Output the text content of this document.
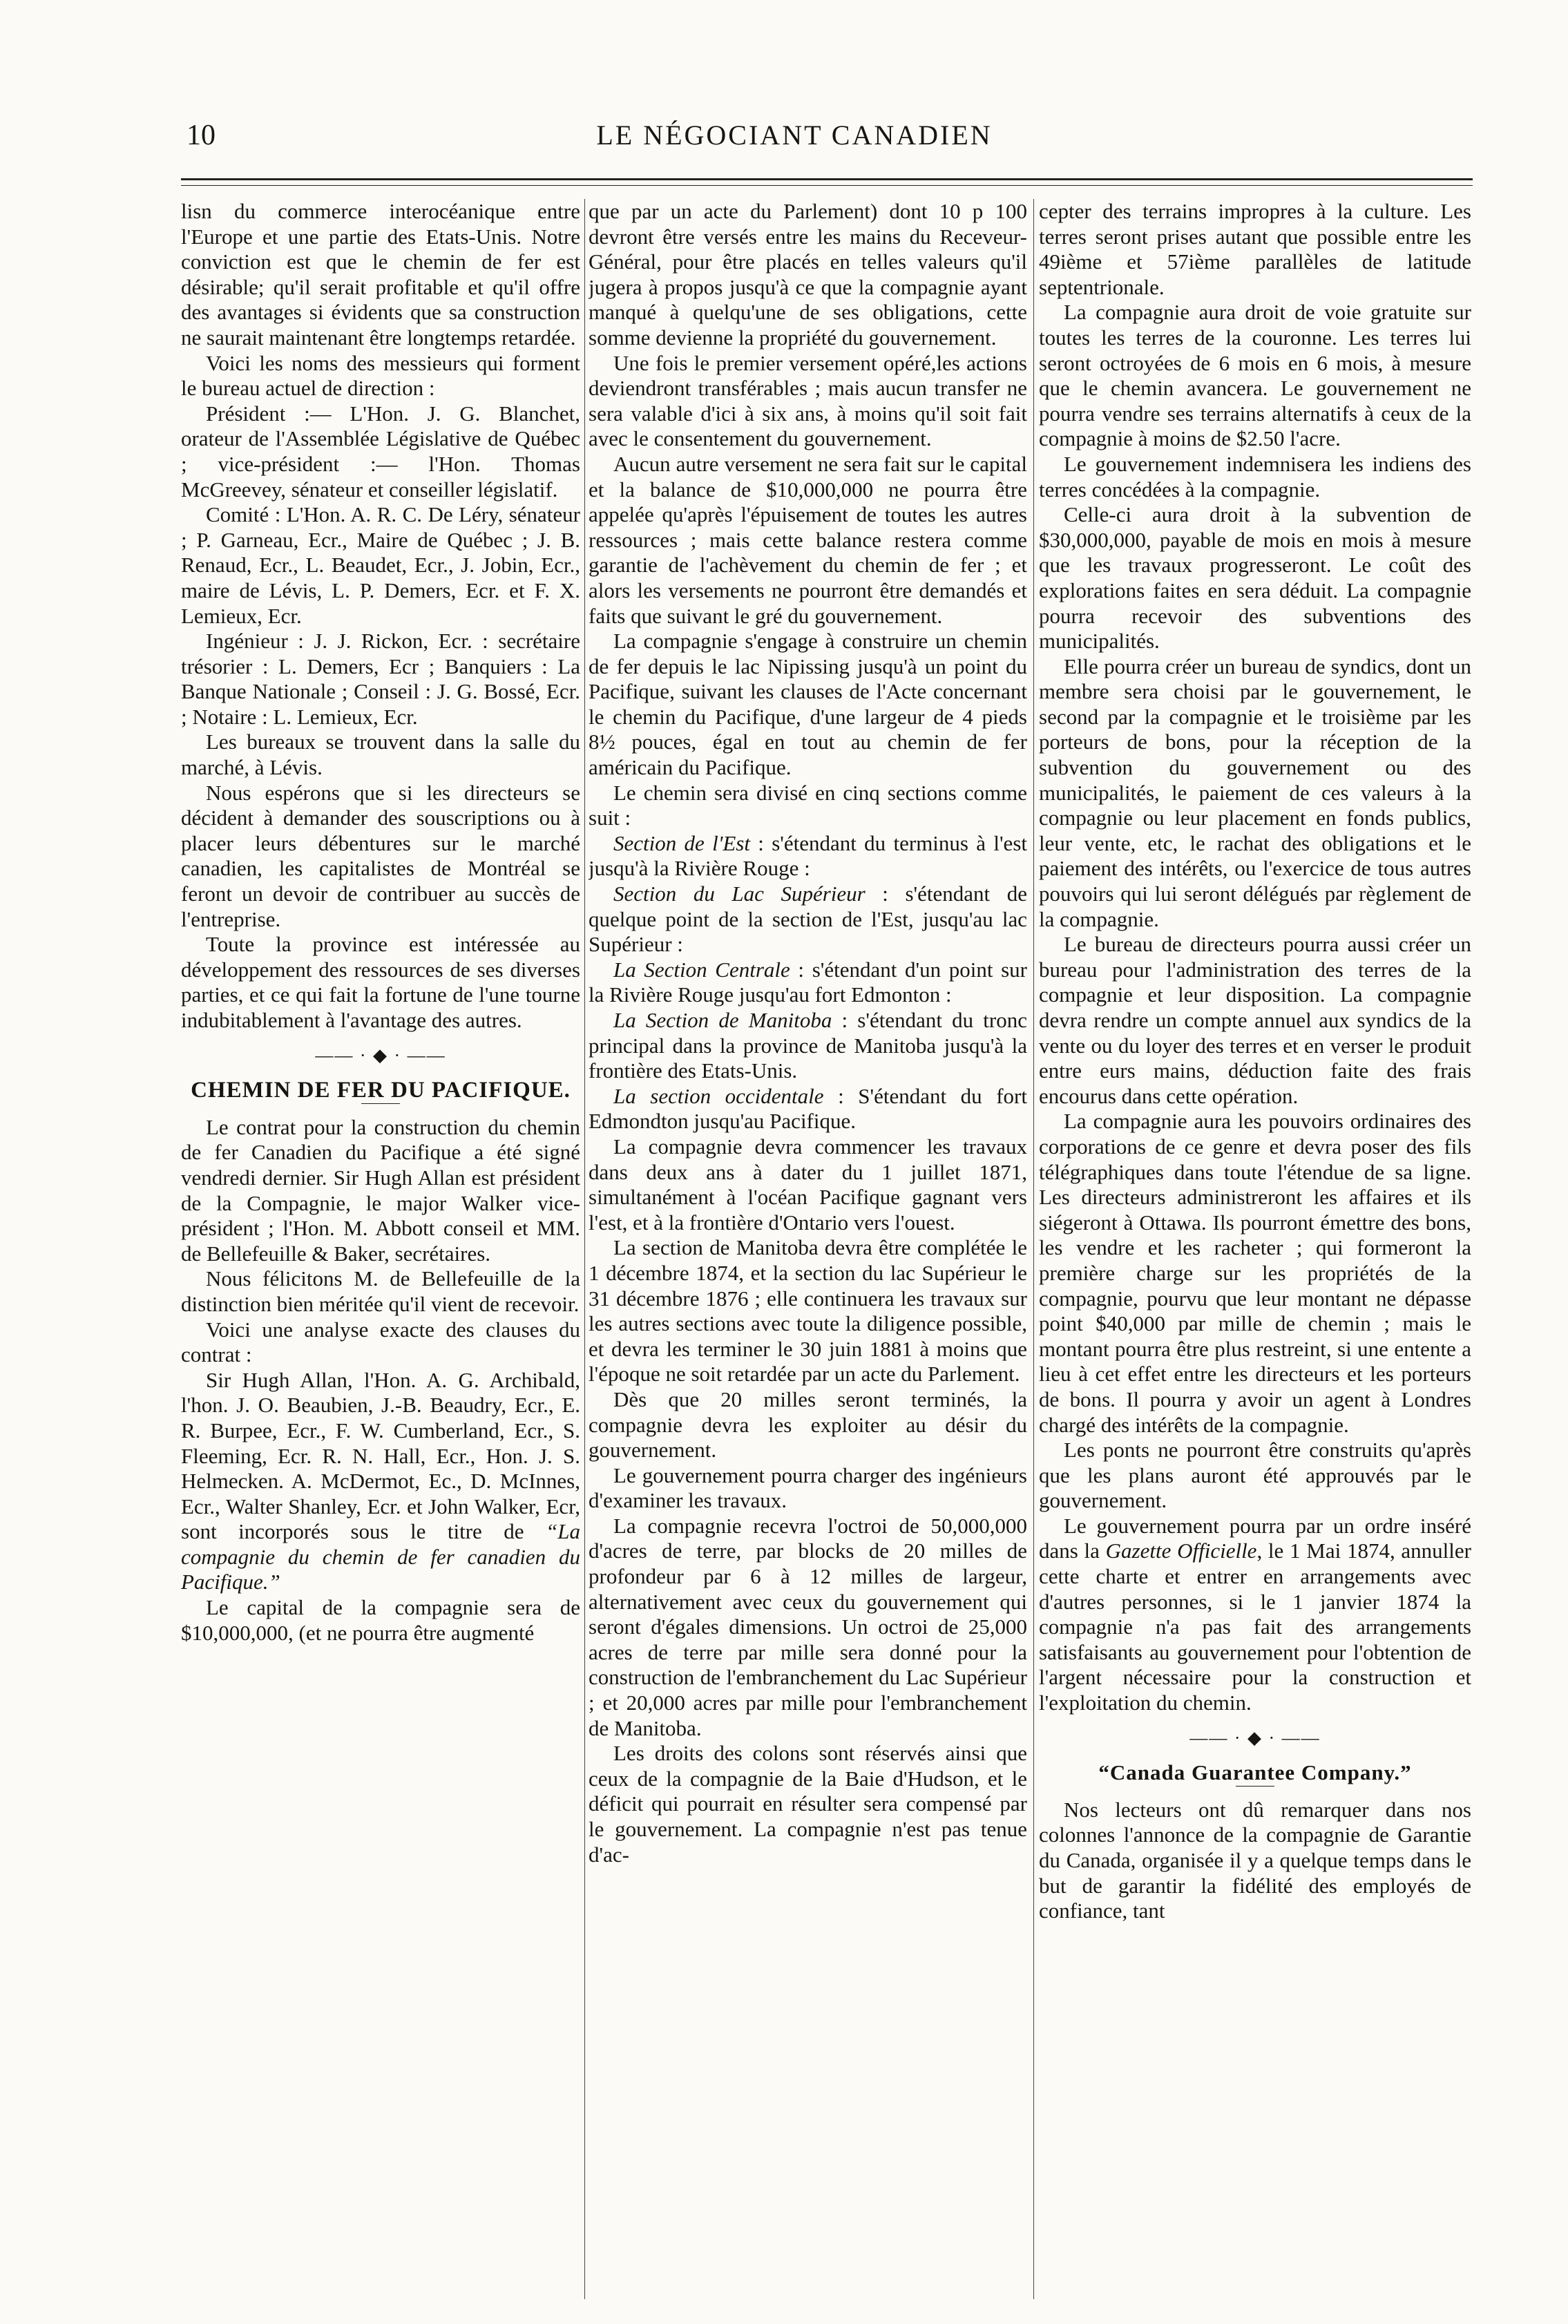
10	LE NÉGOCIANT CANADIEN

lisn du commerce interocéanique entre l'Europe et une partie des Etats-Unis. Notre conviction est que le chemin de fer est désirable; qu'il serait profitable et qu'il offre des avantages si évidents que sa construction ne saurait maintenant être longtemps retardée.

Voici les noms des messieurs qui forment le bureau actuel de direction :

Président :— L'Hon. J. G. Blanchet, orateur de l'Assemblée Législative de Québec ; vice-président :— l'Hon. Thomas McGreevey, sénateur et conseiller législatif.

Comité : L'Hon. A. R. C. De Léry, sénateur ; P. Garneau, Ecr., Maire de Québec ; J. B. Renaud, Ecr., L. Beaudet, Ecr., J. Jobin, Ecr., maire de Lévis, L. P. Demers, Ecr. et F. X. Lemieux, Ecr.

Ingénieur : J. J. Rickon, Ecr. : secrétaire trésorier : L. Demers, Ecr ; Banquiers : La Banque Nationale ; Conseil : J. G. Bossé, Ecr. ; Notaire : L. Lemieux, Ecr.

Les bureaux se trouvent dans la salle du marché, à Lévis.

Nous espérons que si les directeurs se décident à demander des souscriptions ou à placer leurs débentures sur le marché canadien, les capitalistes de Montréal se feront un devoir de contribuer au succès de l'entreprise.

Toute la province est intéressée au développement des ressources de ses diverses parties, et ce qui fait la fortune de l'une tourne indubitablement à l'avantage des autres.

—— · ◆ · ——

CHEMIN DE FER DU PACIFIQUE.

Le contrat pour la construction du chemin de fer Canadien du Pacifique a été signé vendredi dernier. Sir Hugh Allan est président de la Compagnie, le major Walker vice-président ; l'Hon. M. Abbott conseil et MM. de Bellefeuille & Baker, secrétaires.

Nous félicitons M. de Bellefeuille de la distinction bien méritée qu'il vient de recevoir.

Voici une analyse exacte des clauses du contrat :

Sir Hugh Allan, l'Hon. A. G. Archibald, l'hon. J. O. Beaubien, J.-B. Beaudry, Ecr., E. R. Burpee, Ecr., F. W. Cumberland, Ecr., S. Fleeming, Ecr. R. N. Hall, Ecr., Hon. J. S. Helmecken. A. McDermot, Ec., D. McInnes, Ecr., Walter Shanley, Ecr. et John Walker, Ecr, sont incorporés sous le titre de “La compagnie du chemin de fer canadien du Pacifique.”

Le capital de la compagnie sera de $10,000,000, (et ne pourra être augmenté

que par un acte du Parlement) dont 10 p 100 devront être versés entre les mains du Receveur-Général, pour être placés en telles valeurs qu'il jugera à propos jusqu'à ce que la compagnie ayant manqué à quelqu'une de ses obligations, cette somme devienne la propriété du gouvernement.

Une fois le premier versement opéré,les actions deviendront transférables ; mais aucun transfer ne sera valable d'ici à six ans, à moins qu'il soit fait avec le consentement du gouvernement.

Aucun autre versement ne sera fait sur le capital et la balance de $10,000,000 ne pourra être appelée qu'après l'épuisement de toutes les autres ressources ; mais cette balance restera comme garantie de l'achèvement du chemin de fer ; et alors les versements ne pourront être demandés et faits que suivant le gré du gouvernement.

La compagnie s'engage à construire un chemin de fer depuis le lac Nipissing jusqu'à un point du Pacifique, suivant les clauses de l'Acte concernant le chemin du Pacifique, d'une largeur de 4 pieds 8½ pouces, égal en tout au chemin de fer américain du Pacifique.

Le chemin sera divisé en cinq sections comme suit :

Section de l'Est : s'étendant du terminus à l'est jusqu'à la Rivière Rouge :

Section du Lac Supérieur : s'étendant de quelque point de la section de l'Est, jusqu'au lac Supérieur :

La Section Centrale : s'étendant d'un point sur la Rivière Rouge jusqu'au fort Edmonton :

La Section de Manitoba : s'étendant du tronc principal dans la province de Manitoba jusqu'à la frontière des Etats-Unis.

La section occidentale : S'étendant du fort Edmondton jusqu'au Pacifique.

La compagnie devra commencer les travaux dans deux ans à dater du 1 juillet 1871, simultanément à l'océan Pacifique gagnant vers l'est, et à la frontière d'Ontario vers l'ouest.

La section de Manitoba devra être complétée le 1 décembre 1874, et la section du lac Supérieur le 31 décembre 1876 ; elle continuera les travaux sur les autres sections avec toute la diligence possible, et devra les terminer le 30 juin 1881 à moins que l'époque ne soit retardée par un acte du Parlement.

Dès que 20 milles seront terminés, la compagnie devra les exploiter au désir du gouvernement.

Le gouvernement pourra charger des ingénieurs d'examiner les travaux.

La compagnie recevra l'octroi de 50,000,000 d'acres de terre, par blocks de 20 milles de profondeur par 6 à 12 milles de largeur, alternativement avec ceux du gouvernement qui seront d'égales dimensions. Un octroi de 25,000 acres de terre par mille sera donné pour la construction de l'embranchement du Lac Supérieur ; et 20,000 acres par mille pour l'embranchement de Manitoba.

Les droits des colons sont réservés ainsi que ceux de la compagnie de la Baie d'Hudson, et le déficit qui pourrait en résulter sera compensé par le gouvernement. La compagnie n'est pas tenue d'ac-

cepter des terrains impropres à la culture. Les terres seront prises autant que possible entre les 49ième et 57ième parallèles de latitude septentrionale.

La compagnie aura droit de voie gratuite sur toutes les terres de la couronne. Les terres lui seront octroyées de 6 mois en 6 mois, à mesure que le chemin avancera. Le gouvernement ne pourra vendre ses terrains alternatifs à ceux de la compagnie à moins de $2.50 l'acre.

Le gouvernement indemnisera les indiens des terres concédées à la compagnie.

Celle-ci aura droit à la subvention de $30,000,000, payable de mois en mois à mesure que les travaux progresseront. Le coût des explorations faites en sera déduit. La compagnie pourra recevoir des subventions des municipalités.

Elle pourra créer un bureau de syndics, dont un membre sera choisi par le gouvernement, le second par la compagnie et le troisième par les porteurs de bons, pour la réception de la subvention du gouvernement ou des municipalités, le paiement de ces valeurs à la compagnie ou leur placement en fonds publics, leur vente, etc, le rachat des obligations et le paiement des intérêts, ou l'exercice de tous autres pouvoirs qui lui seront délégués par règlement de la compagnie.

Le bureau de directeurs pourra aussi créer un bureau pour l'administration des terres de la compagnie et leur disposition. La compagnie devra rendre un compte annuel aux syndics de la vente ou du loyer des terres et en verser le produit entre eurs mains, déduction faite des frais encourus dans cette opération.

La compagnie aura les pouvoirs ordinaires des corporations de ce genre et devra poser des fils télégraphiques dans toute l'étendue de sa ligne. Les directeurs administreront les affaires et ils siégeront à Ottawa. Ils pourront émettre des bons, les vendre et les racheter ; qui formeront la première charge sur les propriétés de la compagnie, pourvu que leur montant ne dépasse point $40,000 par mille de chemin ; mais le montant pourra être plus restreint, si une entente a lieu à cet effet entre les directeurs et les porteurs de bons. Il pourra y avoir un agent à Londres chargé des intérêts de la compagnie.

Les ponts ne pourront être construits qu'après que les plans auront été approuvés par le gouvernement.

Le gouvernement pourra par un ordre inséré dans la Gazette Officielle, le 1 Mai 1874, annuller cette charte et entrer en arrangements avec d'autres personnes, si le 1 janvier 1874 la compagnie n'a pas fait des arrangements satisfaisants au gouvernement pour l'obtention de l'argent nécessaire pour la construction et l'exploitation du chemin.

—— · ◆ · ——

“Canada Guarantee Company.”

Nos lecteurs ont dû remarquer dans nos colonnes l'annonce de la compagnie de Garantie du Canada, organisée il y a quelque temps dans le but de garantir la fidélité des employés de confiance, tant
